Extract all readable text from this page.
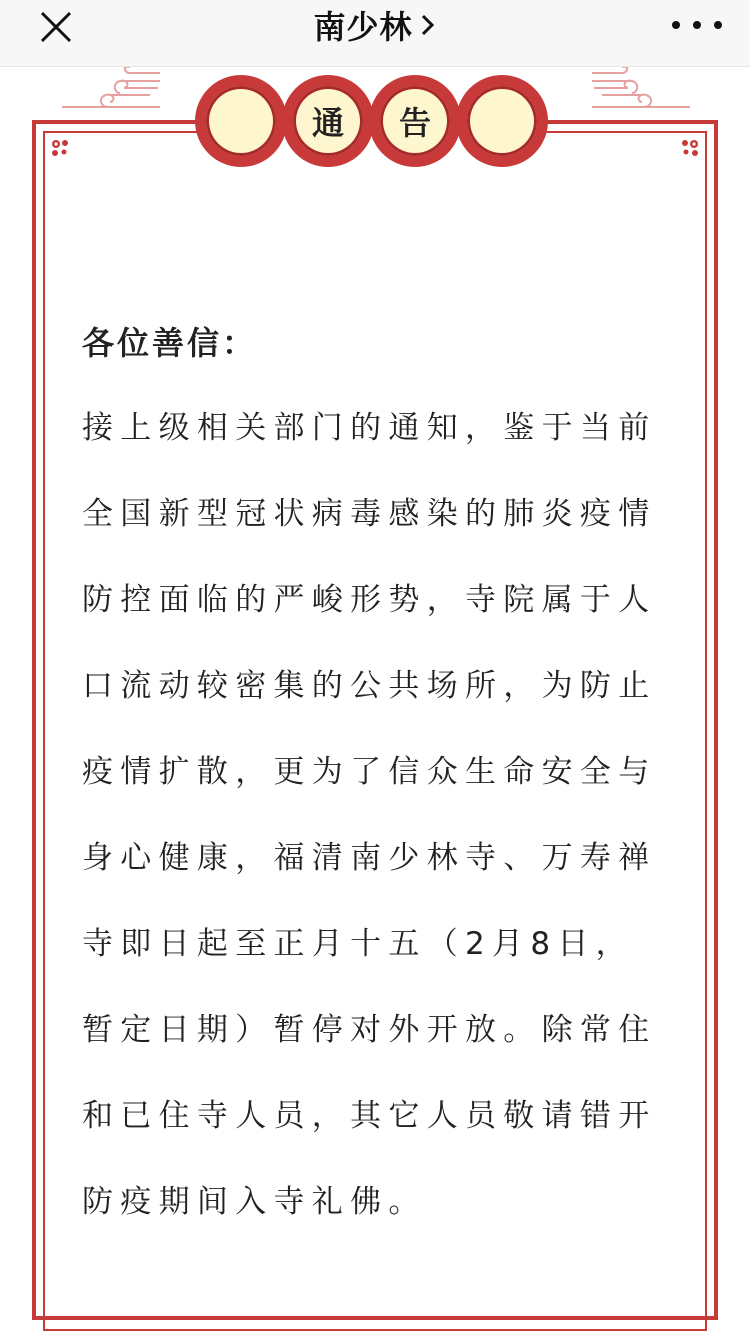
南少林
通	告

各位善信：

接上级相关部门的通知，鉴于当前全国新型冠状病毒感染的肺炎疫情防控面临的严峻形势，寺院属于人口流动较密集的公共场所，为防止疫情扩散，更为了信众生命安全与身心健康，福清南少林寺、万寿禅寺即日起至正月十五（2月8日，暂定日期）暂停对外开放。除常住和已住寺人员，其它人员敬请错开防疫期间入寺礼佛。
